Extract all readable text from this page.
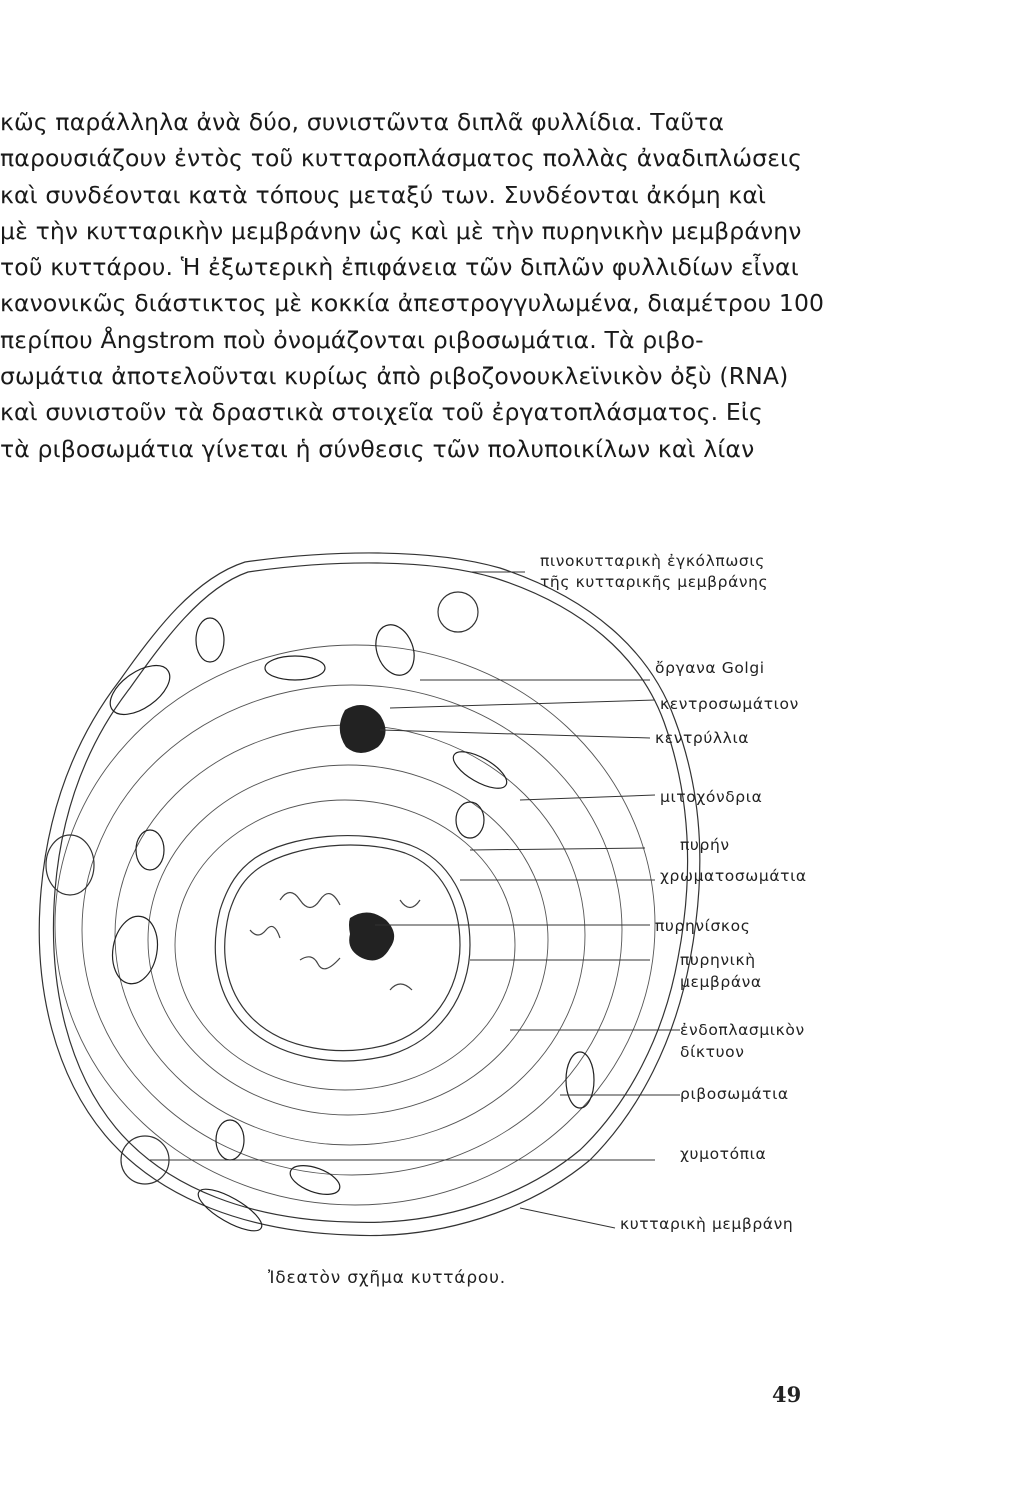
κῶς παράλληλα ἀνὰ δύο, συνιστῶντα διπλᾶ φυλλίδια. Ταῦτα
παρουσιάζουν ἐντὸς τοῦ κυτταροπλάσματος πολλὰς ἀναδιπλώσεις
καὶ συνδέονται κατὰ τόπους μεταξύ των. Συνδέονται ἀκόμη καὶ
μὲ τὴν κυτταρικὴν μεμβράνην ὡς καὶ μὲ τὴν πυρηνικὴν μεμβράνην
τοῦ κυττάρου. Ἡ ἐξωτερικὴ ἐπιφάνεια τῶν διπλῶν φυλλιδίων εἶναι
κανονικῶς διάστικτος μὲ κοκκία ἀπεστρογγυλωμένα, διαμέτρου 100
περίπου Ångstrom ποὺ ὀνομάζονται ριβοσωμάτια. Τὰ ριβο-
σωμάτια ἀποτελοῦνται κυρίως ἀπὸ ριβοζονουκλεϊνικὸν ὀξὺ (RNA)
καὶ συνιστοῦν τὰ δραστικὰ στοιχεῖα τοῦ ἐργατοπλάσματος. Εἰς
τὰ ριβοσωμάτια γίνεται ἡ σύνθεσις τῶν πολυποικίλων καὶ λίαν
πινοκυτταρικὴ ἐγκόλπωσις
τῆς κυτταρικῆς μεμβράνης
ὄργανα Golgi
κεντροσωμάτιον
κεντρύλλια
μιτοχόνδρια
πυρήν
χρωματοσωμάτια
πυρηνίσκος
πυρηνικὴ
μεμβράνα
ἐνδοπλασμικὸν
δίκτυον
ριβοσωμάτια
χυμοτόπια
κυτταρικὴ μεμβράνη
Ἰδεατὸν σχῆμα κυττάρου.
49
